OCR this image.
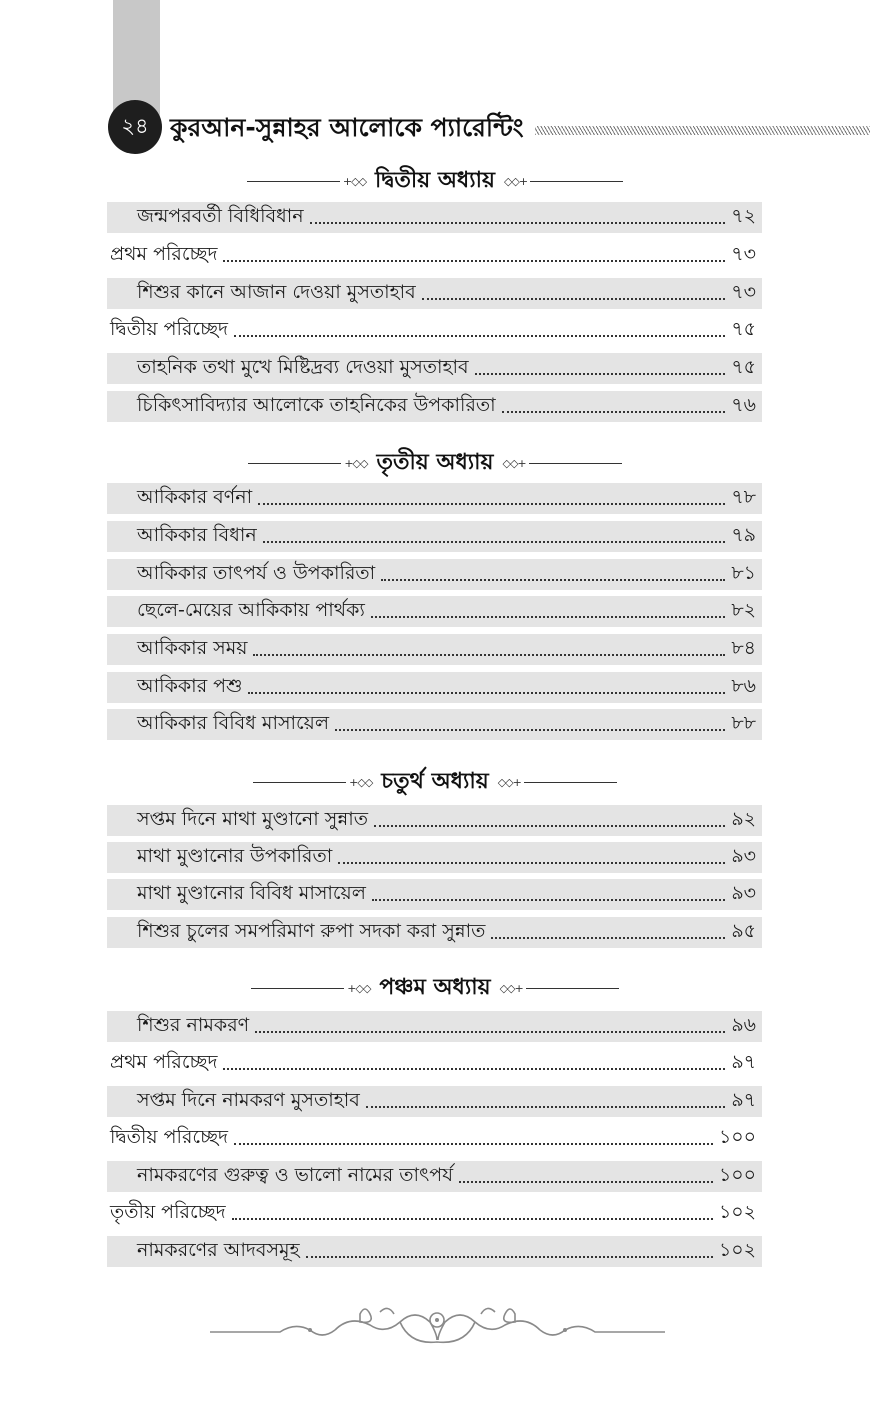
২৪ কুরআন-সুন্নাহর আলোকে প্যারেন্টিং
+◇◇ দ্বিতীয় অধ্যায় ◇◇+
জন্মপরবর্তী বিধিবিধান	৭২
প্রথম পরিচ্ছেদ	৭৩
শিশুর কানে আজান দেওয়া মুসতাহাব	৭৩
দ্বিতীয় পরিচ্ছেদ	৭৫
তাহনিক তথা মুখে মিষ্টিদ্রব্য দেওয়া মুসতাহাব	৭৫
চিকিৎসাবিদ্যার আলোকে তাহনিকের উপকারিতা	৭৬
+◇◇ তৃতীয় অধ্যায় ◇◇+
আকিকার বর্ণনা	৭৮
আকিকার বিধান	৭৯
আকিকার তাৎপর্য ও উপকারিতা	৮১
ছেলে-মেয়ের আকিকায় পার্থক্য	৮২
আকিকার সময়	৮৪
আকিকার পশু	৮৬
আকিকার বিবিধ মাসায়েল	৮৮
+◇◇ চতুর্থ অধ্যায় ◇◇+
সপ্তম দিনে মাথা মুণ্ডানো সুন্নাত	৯২
মাথা মুণ্ডানোর উপকারিতা	৯৩
মাথা মুণ্ডানোর বিবিধ মাসায়েল	৯৩
শিশুর চুলের সমপরিমাণ রুপা সদকা করা সুন্নাত	৯৫
+◇◇ পঞ্চম অধ্যায় ◇◇+
শিশুর নামকরণ	৯৬
প্রথম পরিচ্ছেদ	৯৭
সপ্তম দিনে নামকরণ মুসতাহাব	৯৭
দ্বিতীয় পরিচ্ছেদ	১০০
নামকরণের গুরুত্ব ও ভালো নামের তাৎপর্য	১০০
তৃতীয় পরিচ্ছেদ	১০২
নামকরণের আদবসমূহ	১০২
